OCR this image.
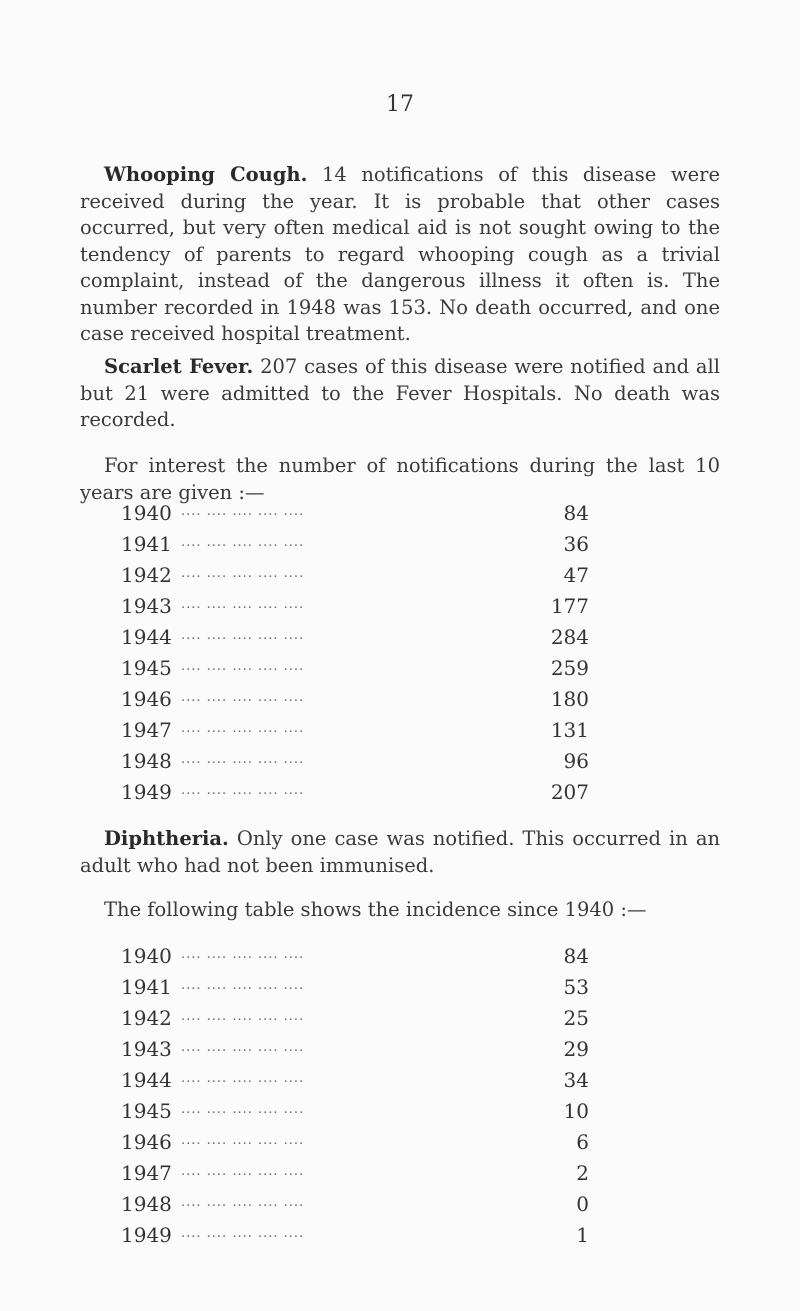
17

Whooping Cough. 14 notifications of this disease were received during the year. It is probable that other cases occurred, but very often medical aid is not sought owing to the tendency of parents to regard whooping cough as a trivial complaint, instead of the dangerous illness it often is. The number recorded in 1948 was 153. No death occurred, and one case received hospital treatment.

Scarlet Fever. 207 cases of this disease were notified and all but 21 were admitted to the Fever Hospitals. No death was recorded.

For interest the number of notifications during the last 10 years are given :—

1940 .... .... .... .... ....	84
1941 .... .... .... .... ....	36
1942 .... .... .... .... ....	47
1943 .... .... .... .... ....	177
1944 .... .... .... .... ....	284
1945 .... .... .... .... ....	259
1946 .... .... .... .... ....	180
1947 .... .... .... .... ....	131
1948 .... .... .... .... ....	96
1949 .... .... .... .... ....	207

Diphtheria. Only one case was notified. This occurred in an adult who had not been immunised.

The following table shows the incidence since 1940 :—

1940 .... .... .... .... ....	84
1941 .... .... .... .... ....	53
1942 .... .... .... .... ....	25
1943 .... .... .... .... ....	29
1944 .... .... .... .... ....	34
1945 .... .... .... .... ....	10
1946 .... .... .... .... ....	6
1947 .... .... .... .... ....	2
1948 .... .... .... .... ....	0
1949 .... .... .... .... ....	1
